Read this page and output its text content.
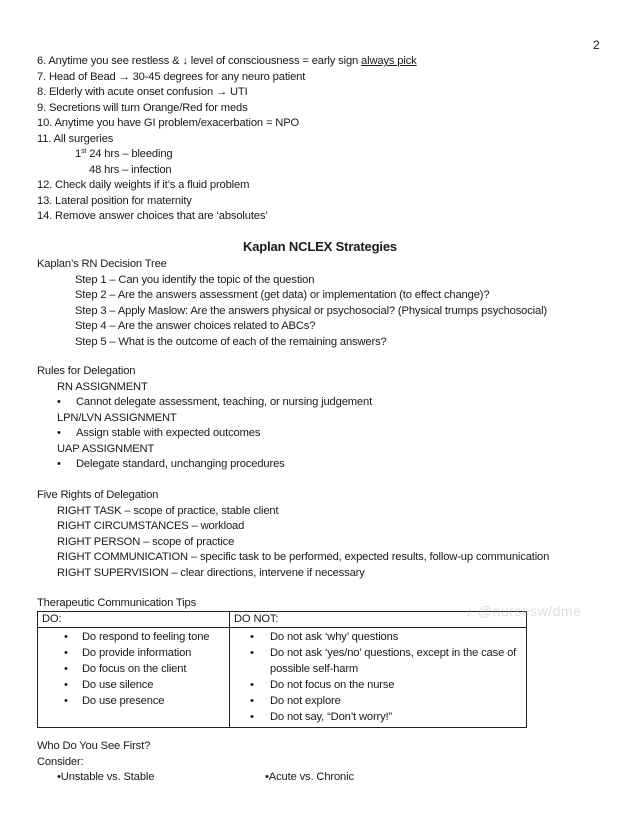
2
6. Anytime you see restless & ↓ level of consciousness = early sign always pick
7. Head of Bead → 30-45 degrees for any neuro patient
8. Elderly with acute onset confusion → UTI
9. Secretions will turn Orange/Red for meds
10. Anytime you have GI problem/exacerbation = NPO
11. All surgeries
1st 24 hrs – bleeding
48 hrs – infection
12. Check daily weights if it’s a fluid problem
13. Lateral position for maternity
14. Remove answer choices that are ‘absolutes’
Kaplan NCLEX Strategies
Kaplan’s RN Decision Tree
Step 1 – Can you identify the topic of the question
Step 2 – Are the answers assessment (get data) or implementation (to effect change)?
Step 3 – Apply Maslow: Are the answers physical or psychosocial? (Physical trumps psychosocial)
Step 4 – Are the answer choices related to ABCs?
Step 5 – What is the outcome of each of the remaining answers?
Rules for Delegation
RN ASSIGNMENT
•Cannot delegate assessment, teaching, or nursing judgement
LPN/LVN ASSIGNMENT
•Assign stable with expected outcomes
UAP ASSIGNMENT
•Delegate standard, unchanging procedures
Five Rights of Delegation
RIGHT TASK – scope of practice, stable client
RIGHT CIRCUMSTANCES – workload
RIGHT PERSON – scope of practice
RIGHT COMMUNICATION – specific task to be performed, expected results, follow-up communication
RIGHT SUPERVISION – clear directions, intervene if necessary
Therapeutic Communication Tips
DO:	DO NOT:

• Do respond to feeling tone
• Do provide information
• Do focus on the client
• Do use silence
• Do use presence

• Do not ask ‘why’ questions
• Do not ask ‘yes/no’ questions, except in the case of possible self-harm
• Do not focus on the nurse
• Do not explore
• Do not say, “Don’t worry!”
♪ @nursesw/dme
Who Do You See First?
Consider:
• Unstable vs. Stable •	Acute vs. Chronic
